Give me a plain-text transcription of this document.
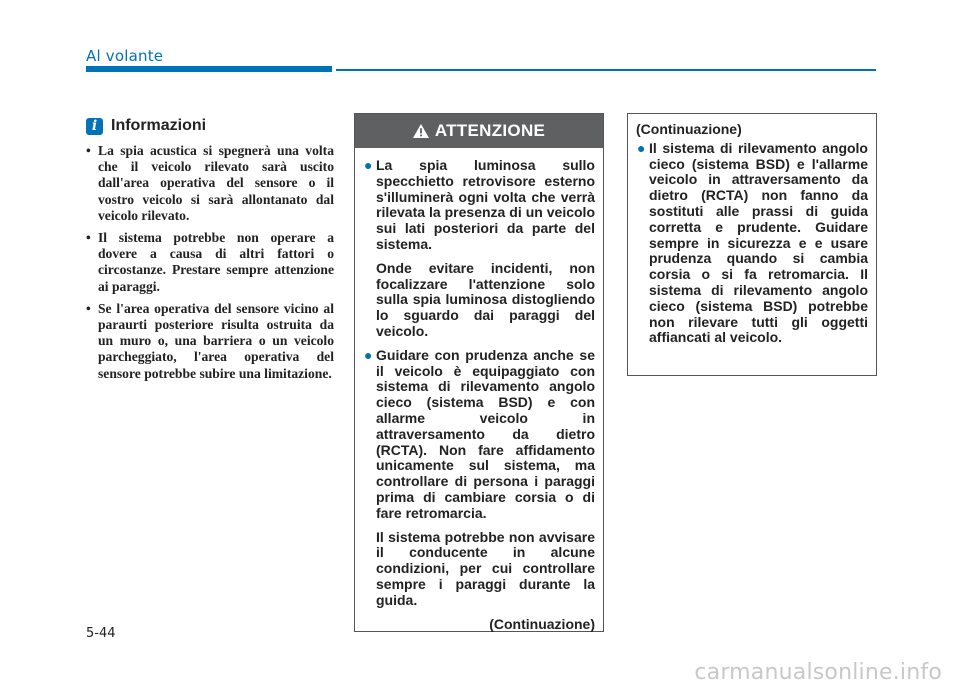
Al volante
i Informazioni
• La spia acustica si spegnerà una volta che il veicolo rilevato sarà uscito dall'area operativa del sensore o il vostro veicolo si sarà allontanato dal veicolo rilevato.
• Il sistema potrebbe non operare a dovere a causa di altri fattori o circostanze. Prestare sempre attenzione ai paraggi.
• Se l'area operativa del sensore vicino al paraurti posteriore risulta ostruita da un muro o, una barriera o un veicolo parcheggiato, l'area operativa del sensore potrebbe subire una limitazione.
ATTENZIONE
● La spia luminosa sullo specchietto retrovisore esterno s'illuminerà ogni volta che verrà rilevata la presenza di un veicolo sui lati posteriori da parte del sistema.
Onde evitare incidenti, non focalizzare l'attenzione solo sulla spia luminosa distogliendo lo sguardo dai paraggi del veicolo.
● Guidare con prudenza anche se il veicolo è equipaggiato con sistema di rilevamento angolo cieco (sistema BSD) e con allarme veicolo in attraversamento da dietro (RCTA). Non fare affidamento unicamente sul sistema, ma controllare di persona i paraggi prima di cambiare corsia o di fare retromarcia.
Il sistema potrebbe non avvisare il conducente in alcune condizioni, per cui controllare sempre i paraggi durante la guida.
(Continuazione)
(Continuazione)
● Il sistema di rilevamento angolo cieco (sistema BSD) e l'allarme veicolo in attraversamento da dietro (RCTA) non fanno da sostituti alle prassi di guida corretta e prudente. Guidare sempre in sicurezza e e usare prudenza quando si cambia corsia o si fa retromarcia. Il sistema di rilevamento angolo cieco (sistema BSD) potrebbe non rilevare tutti gli oggetti affiancati al veicolo.
5-44
carmanualsonline.info
